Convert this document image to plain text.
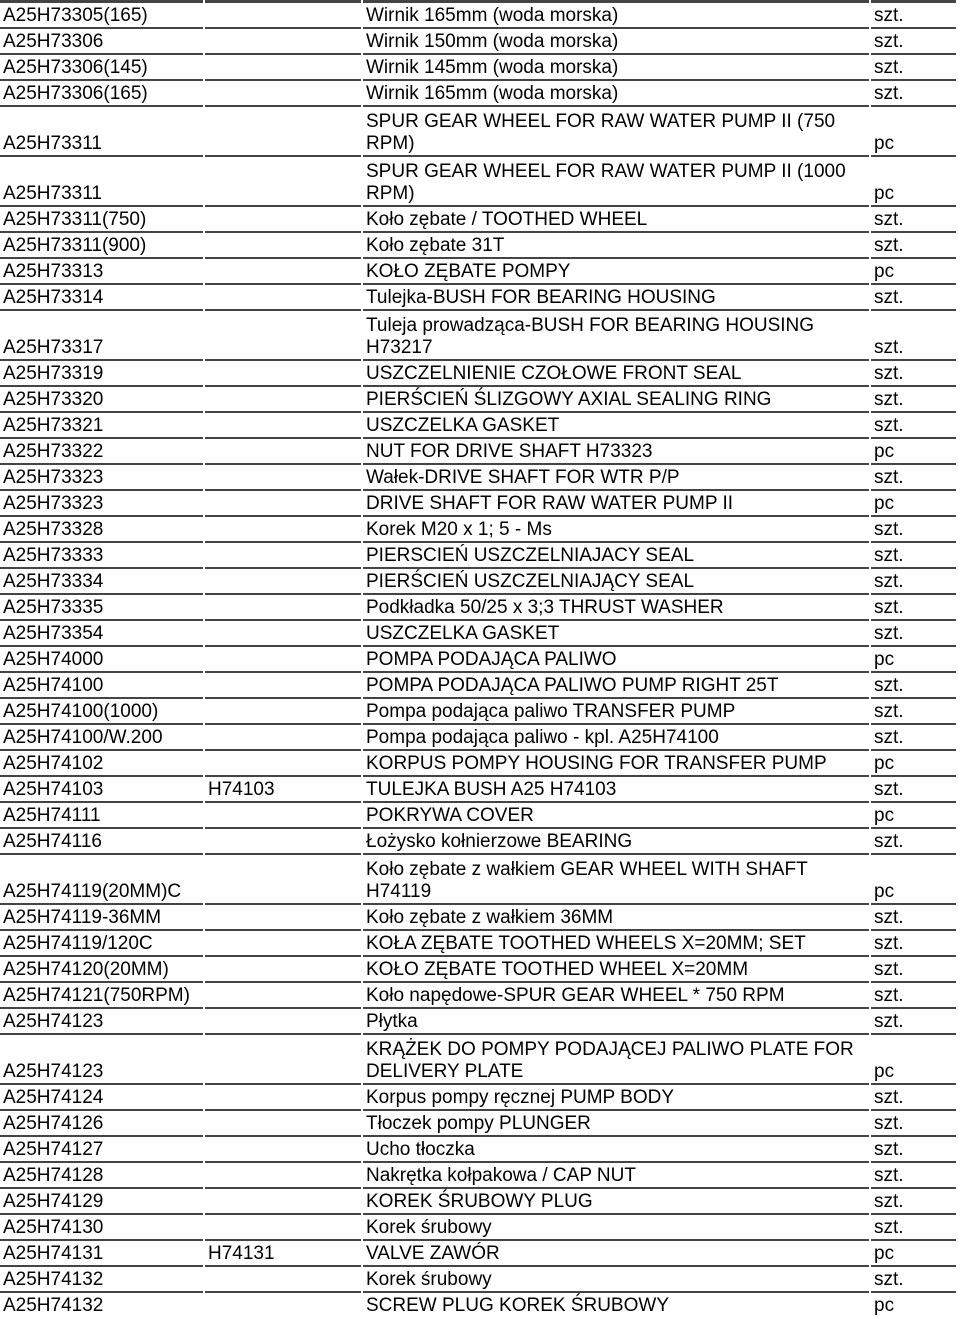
A25H73305(165)		Wirnik 165mm (woda morska)	szt.
A25H73306		Wirnik 150mm (woda morska)	szt.
A25H73306(145)		Wirnik 145mm (woda morska)	szt.
A25H73306(165)		Wirnik 165mm (woda morska)	szt.
A25H73311		SPUR GEAR WHEEL FOR RAW WATER PUMP II (750 RPM)	pc
A25H73311		SPUR GEAR WHEEL FOR RAW WATER PUMP II (1000 RPM)	pc
A25H73311(750)		Koło zębate / TOOTHED WHEEL	szt.
A25H73311(900)		Koło zębate 31T	szt.
A25H73313		KOŁO ZĘBATE POMPY	pc
A25H73314		Tulejka-BUSH FOR BEARING HOUSING	szt.
A25H73317		Tuleja prowadząca-BUSH FOR BEARING HOUSING H73217	szt.
A25H73319		USZCZELNIENIE CZOŁOWE FRONT SEAL	szt.
A25H73320		PIERŚCIEŃ ŚLIZGOWY AXIAL SEALING RING	szt.
A25H73321		USZCZELKA GASKET	szt.
A25H73322		NUT FOR DRIVE SHAFT H73323	pc
A25H73323		Wałek-DRIVE SHAFT FOR WTR P/P	szt.
A25H73323		DRIVE SHAFT FOR RAW WATER PUMP II	pc
A25H73328		Korek M20 x 1; 5 - Ms	szt.
A25H73333		PIERSCIEŃ USZCZELNIAJACY SEAL	szt.
A25H73334		PIERŚCIEŃ USZCZELNIAJĄCY SEAL	szt.
A25H73335		Podkładka 50/25 x 3;3 THRUST WASHER	szt.
A25H73354		USZCZELKA GASKET	szt.
A25H74000		POMPA PODAJĄCA PALIWO	pc
A25H74100		POMPA PODAJĄCA PALIWO PUMP RIGHT 25T	szt.
A25H74100(1000)		Pompa podająca paliwo TRANSFER PUMP	szt.
A25H74100/W.200		Pompa podająca paliwo - kpl. A25H74100	szt.
A25H74102		KORPUS POMPY HOUSING FOR TRANSFER PUMP	pc
A25H74103	H74103	TULEJKA BUSH A25 H74103	szt.
A25H74111		POKRYWA COVER	pc
A25H74116		Łożysko kołnierzowe BEARING	szt.
A25H74119(20MM)C		Koło zębate z wałkiem GEAR WHEEL WITH SHAFT H74119	pc
A25H74119-36MM		Koło zębate z wałkiem 36MM	szt.
A25H74119/120C		KOŁA ZĘBATE TOOTHED WHEELS X=20MM; SET	szt.
A25H74120(20MM)		KOŁO ZĘBATE TOOTHED WHEEL X=20MM	szt.
A25H74121(750RPM)		Koło napędowe-SPUR GEAR WHEEL * 750 RPM	szt.
A25H74123		Płytka	szt.
A25H74123		KRĄŻEK DO POMPY PODAJĄCEJ PALIWO PLATE FOR DELIVERY PLATE	pc
A25H74124		Korpus pompy ręcznej PUMP BODY	szt.
A25H74126		Tłoczek pompy PLUNGER	szt.
A25H74127		Ucho tłoczka	szt.
A25H74128		Nakrętka kołpakowa / CAP NUT	szt.
A25H74129		KOREK ŚRUBOWY PLUG	szt.
A25H74130		Korek śrubowy	szt.
A25H74131	H74131	VALVE ZAWÓR	pc
A25H74132		Korek śrubowy	szt.
A25H74132		SCREW PLUG KOREK ŚRUBOWY	pc
